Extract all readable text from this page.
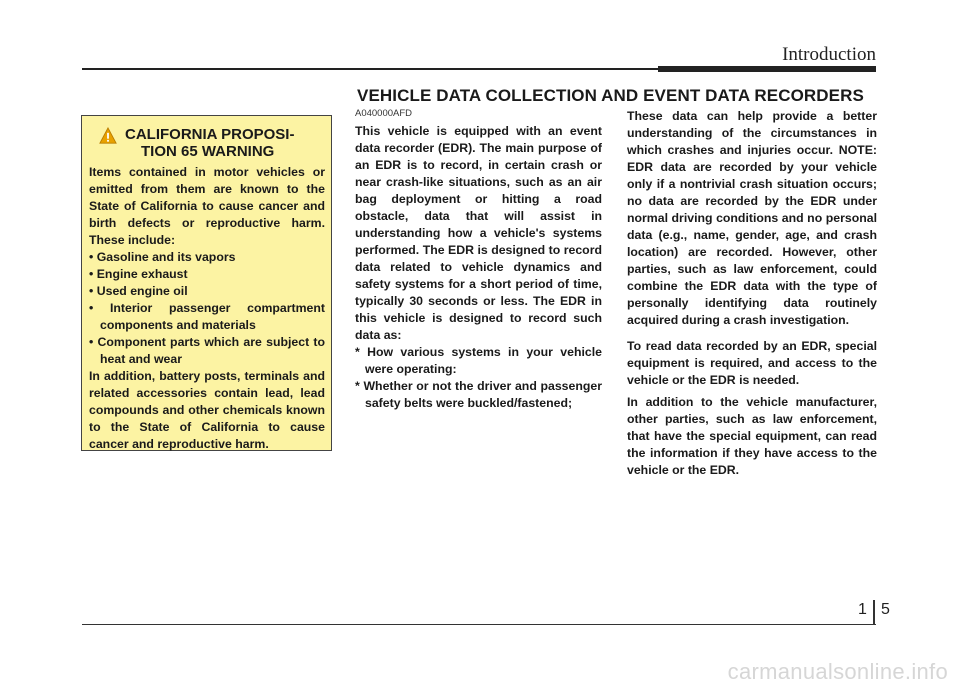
Introduction
VEHICLE DATA COLLECTION AND EVENT DATA RECORDERS
CALIFORNIA PROPOSI-
TION 65 WARNING

Items contained in motor vehicles or emitted from them are known to the State of California to cause cancer and birth defects or reproductive harm. These include:

• Gasoline and its vapors
• Engine exhaust
• Used engine oil
• Interior passenger compartment components and materials
• Component parts which are subject to heat and wear

In addition, battery posts, terminals and related accessories contain lead, lead compounds and other chemicals known to the State of California to cause cancer and reproductive harm.

A040000AFD

This vehicle is equipped with an event data recorder (EDR). The main purpose of an EDR is to record, in certain crash or near crash-like situations, such as an air bag deployment or hitting a road obstacle, data that will assist in understanding how a vehicle's systems performed. The EDR is designed to record data related to vehicle dynamics and safety systems for a short period of time, typically 30 seconds or less. The EDR in this vehicle is designed to record such data as:

* How various systems in your vehicle were operating:
* Whether or not the driver and passenger safety belts were buckled/fastened;

These data can help provide a better understanding of the circumstances in which crashes and injuries occur. NOTE: EDR data are recorded by your vehicle only if a nontrivial crash situation occurs; no data are recorded by the EDR under normal driving conditions and no personal data (e.g., name, gender, age, and crash location) are recorded. However, other parties, such as law enforcement, could combine the EDR data with the type of personally identifying data routinely acquired during a crash investigation.

To read data recorded by an EDR, special equipment is required, and access to the vehicle or the EDR is needed.

In addition to the vehicle manufacturer, other parties, such as law enforcement, that have the special equipment, can read the information if they have access to the vehicle or the EDR.

1 5
carmanualsonline.info
